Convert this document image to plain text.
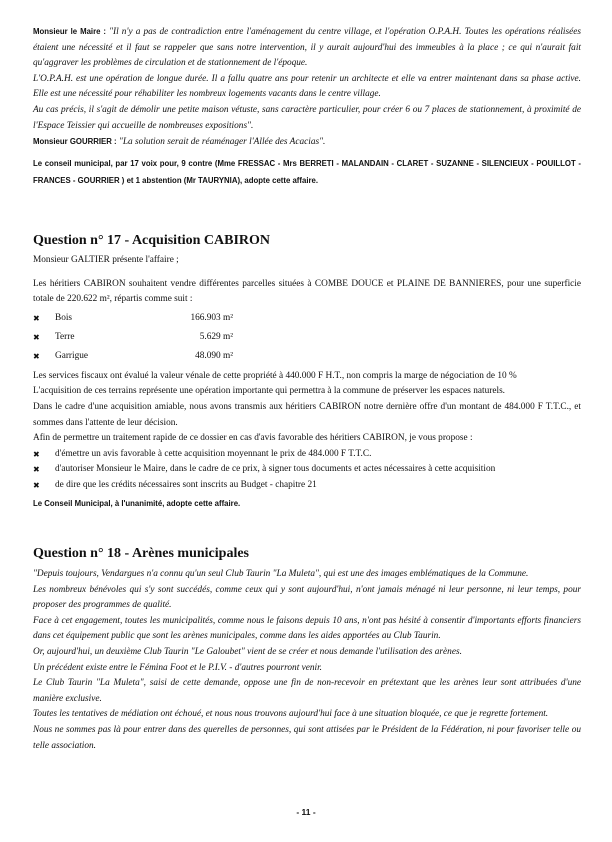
Monsieur le Maire : "Il n'y a pas de contradiction entre l'aménagement du centre village, et l'opération O.P.A.H. Toutes les opérations réalisées étaient une nécessité et il faut se rappeler que sans notre intervention, il y aurait aujourd'hui des immeubles à la place ; ce qui n'aurait fait qu'aggraver les problèmes de circulation et de stationnement de l'époque.

L'O.P.A.H. est une opération de longue durée. Il a fallu quatre ans pour retenir un architecte et elle va entrer maintenant dans sa phase active. Elle est une nécessité pour réhabiliter les nombreux logements vacants dans le centre village.

Au cas précis, il s'agit de démolir une petite maison vétuste, sans caractère particulier, pour créer 6 ou 7 places de stationnement, à proximité de l'Espace Teissier qui accueille de nombreuses expositions".

Monsieur GOURRIER : "La solution serait de réaménager l'Allée des Acacias".

Le conseil municipal, par 17 voix pour, 9 contre (Mme FRESSAC - Mrs BERRETI - MALANDAIN - CLARET - SUZANNE - SILENCIEUX - POUILLOT - FRANCES - GOURRIER ) et 1 abstention (Mr TAURYNIA), adopte cette affaire.

Question n° 17 - Acquisition CABIRON

Monsieur GALTIER présente l'affaire ;

Les héritiers CABIRON souhaitent vendre différentes parcelles situées à COMBE DOUCE et PLAINE DE BANNIERES, pour une superficie totale de 220.622 m², répartis comme suit :

✖	Bois	166.903 m²
✖	Terre	5.629 m²
✖	Garrigue	48.090 m²

Les services fiscaux ont évalué la valeur vénale de cette propriété à 440.000 F H.T., non compris la marge de négociation de 10 %

L'acquisition de ces terrains représente une opération importante qui permettra à la commune de préserver les espaces naturels.

Dans le cadre d'une acquisition amiable, nous avons transmis aux héritiers CABIRON notre dernière offre d'un montant de 484.000 F T.T.C., et sommes dans l'attente de leur décision.

Afin de permettre un traitement rapide de ce dossier en cas d'avis favorable des héritiers CABIRON, je vous propose :

✖	d'émettre un avis favorable à cette acquisition moyennant le prix de 484.000 F T.T.C.
✖	d'autoriser Monsieur le Maire, dans le cadre de ce prix, à signer tous documents et actes nécessaires à cette acquisition
✖	de dire que les crédits nécessaires sont inscrits au Budget - chapitre 21

Le Conseil Municipal, à l'unanimité, adopte cette affaire.

Question n° 18 - Arènes municipales

"Depuis toujours, Vendargues n'a connu qu'un seul Club Taurin "La Muleta", qui est une des images emblématiques de la Commune.

Les nombreux bénévoles qui s'y sont succédés, comme ceux qui y sont aujourd'hui, n'ont jamais ménagé ni leur personne, ni leur temps, pour proposer des programmes de qualité.

Face à cet engagement, toutes les municipalités, comme nous le faisons depuis 10 ans, n'ont pas hésité à consentir d'importants efforts financiers dans cet équipement public que sont les arènes municipales, comme dans les aides apportées au Club Taurin.

Or, aujourd'hui, un deuxième Club Taurin "Le Galoubet" vient de se créer et nous demande l'utilisation des arènes.

Un précédent existe entre le Fémina Foot et le P.I.V. - d'autres pourront venir.

Le Club Taurin "La Muleta", saisi de cette demande, oppose une fin de non-recevoir en prétextant que les arènes leur sont attribuées d'une manière exclusive.

Toutes les tentatives de médiation ont échoué, et nous nous trouvons aujourd'hui face à une situation bloquée, ce que je regrette fortement.

Nous ne sommes pas là pour entrer dans des querelles de personnes, qui sont attisées par le Président de la Fédération, ni pour favoriser telle ou telle association.

- 11 -
